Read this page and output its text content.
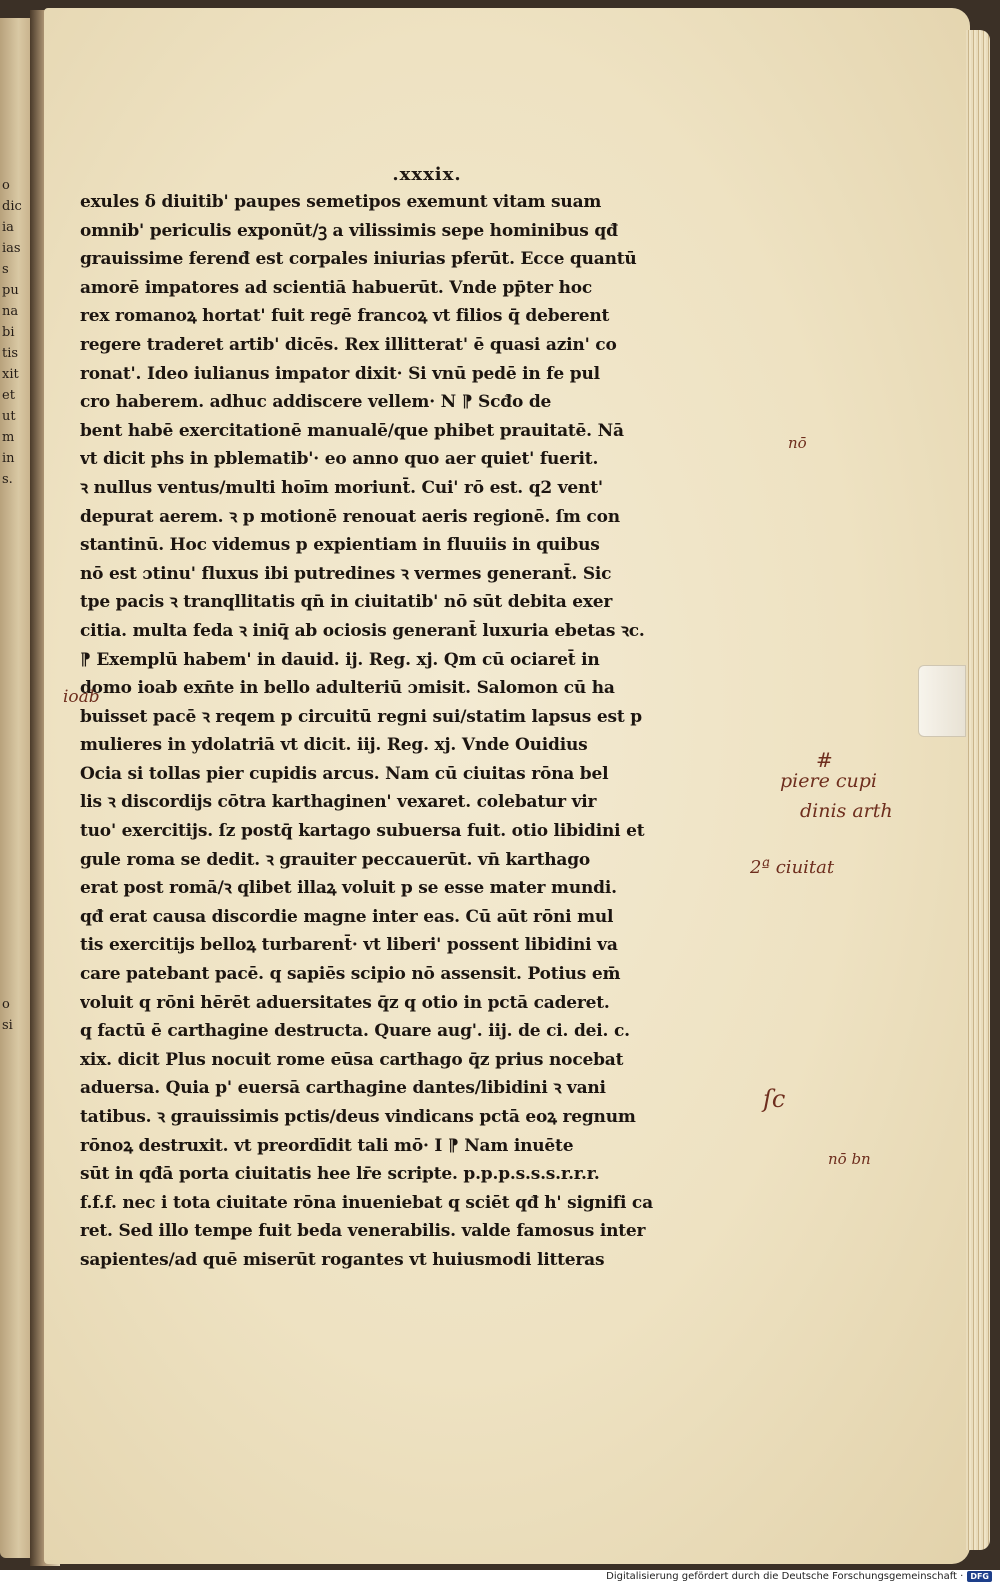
o
dic
ia
ias
s
pu
na
bi
tis
xit
et
ut
m
in
s.
o
si
.xxxix.
exules δ diuitib' paupes semetipos exemunt vitam suam
omnib' periculis exponūt/ꝫ a vilissimis sepe hominibus qđ
grauissime ferenđ est corpales iniurias pferūt. Ecce quantū
amorē impatores ad scientiā habuerūt. Vnde pp̄ter hoc
rex romanoꝝ hortat' fuit regē francoꝝ vt filios q̄ deberent
regere traderet artib' dicēs. Rex illitterat' ē quasi azin' co
ronat'. Ideo iulianus impator dixit· Si vnū pedē in fe pul
cro haberem. adhuc addiscere vellem· N ⁋ Scđo de
bent habē exercitationē manualē/que phibet prauitatē. Nā
vt dicit phs in pblematib'· eo anno quo aer quiet' fuerit.
ꝛ nullus ventus/multi hoīm moriunt̄. Cui' rō est. q2 vent'
depurat aerem. ꝛ p motionē renouat aeris regionē. ſm con
stantinū. Hoc videmus p expientiam in fluuiis in quibus
nō est ɔtinu' fluxus ibi putredines ꝛ vermes generant̄. Sic
tpe pacis ꝛ tranqllitatis qn̄ in ciuitatib' nō sūt debita exer
citia. multa feda ꝛ iniq̄ ab ociosis generant̄ luxuria ebetas ꝛc.
⁋ Exemplū habem' in dauid. ij. Reg. xj. Qm cū ociaret̄ in
domo ioab exn̄te in bello adulteriū ɔmisit. Salomon cū ha
buisset pacē ꝛ reqem p circuitū regni sui/statim lapsus est p
mulieres in ydolatriā vt dicit. iij. Reg. xj. Vnde Ouidius
Ocia si tollas pier cupidis arcus. Nam cū ciuitas rōna bel
lis ꝛ discordijs cōtra karthaginen' vexaret. colebatur vir
tuo' exercitijs. ſz postq̄ kartago subuersa fuit. otio libidini et
gule roma se dedit. ꝛ grauiter peccauerūt. vn̄ karthago
erat post romā/ꝛ qlibet illaꝝ voluit p se esse mater mundi.
qđ erat causa discordie magne inter eas. Cū aūt rōni mul
tis exercitijs belloꝝ turbarent̄· vt liberi' possent libidini va
care patebant pacē. q sapiēs scipio nō assensit. Potius em̄
voluit q rōni hērēt aduersitates q̄z q otio in pctā caderet.
q factū ē carthagine destructa. Quare aug'. iij. de ci. dei. c.
xix. dicit Plus nocuit rome eūsa carthago q̄z prius nocebat
aduersa. Quia p' euersā carthagine dantes/libidini ꝛ vani
tatibus. ꝛ grauissimis pctis/deus vindicans pctā eoꝝ regnum
rōnoꝝ destruxit. vt preordīdit tali mō· I ⁋ Nam inuēte
sūt in qđā porta ciuitatis hee lr̄e scripte. p.p.p.s.s.s.r.r.r.
f.f.f. nec i tota ciuitate rōna inueniebat q sciēt qđ h' signifi ca
ret. Sed illo tempe fuit beda venerabilis. valde famosus inter
sapientes/ad quē miserūt rogantes vt huiusmodi litteras
ioab
nō
#
piere cupi
dinis arth
2ª ciuitat
ſc
nō bn
Digitalisierung gefördert durch die Deutsche Forschungsgemeinschaft · DFG
